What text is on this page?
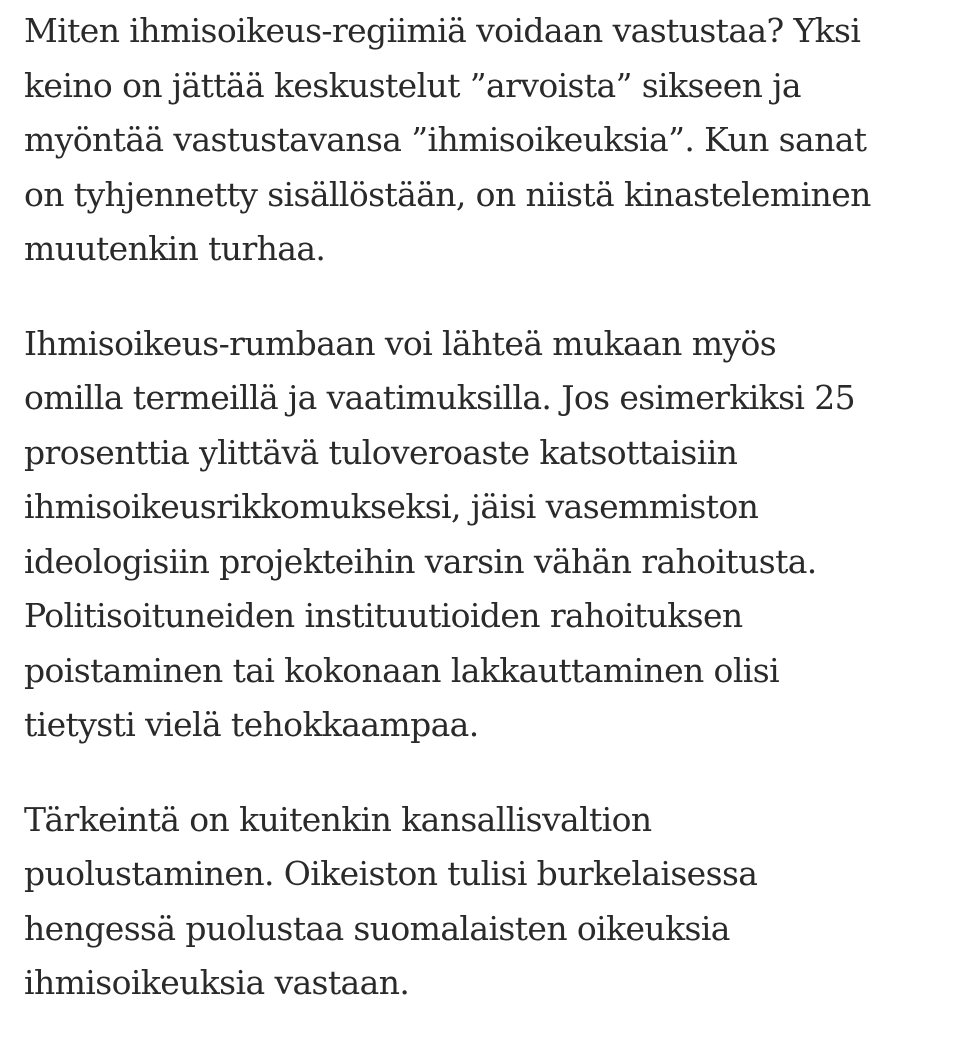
Miten ihmisoikeus-regiimiä voidaan vastustaa? Yksi
keino on jättää keskustelut ”arvoista” sikseen ja
myöntää vastustavansa ”ihmisoikeuksia”. Kun sanat
on tyhjennetty sisällöstään, on niistä kinasteleminen
muutenkin turhaa.

Ihmisoikeus-rumbaan voi lähteä mukaan myös
omilla termeillä ja vaatimuksilla. Jos esimerkiksi 25
prosenttia ylittävä tuloveroaste katsottaisiin
ihmisoikeusrikkomukseksi, jäisi vasemmiston
ideologisiin projekteihin varsin vähän rahoitusta.
Politisoituneiden instituutioiden rahoituksen
poistaminen tai kokonaan lakkauttaminen olisi
tietysti vielä tehokkaampaa.

Tärkeintä on kuitenkin kansallisvaltion
puolustaminen. Oikeiston tulisi burkelaisessa
hengessä puolustaa suomalaisten oikeuksia
ihmisoikeuksia vastaan.
